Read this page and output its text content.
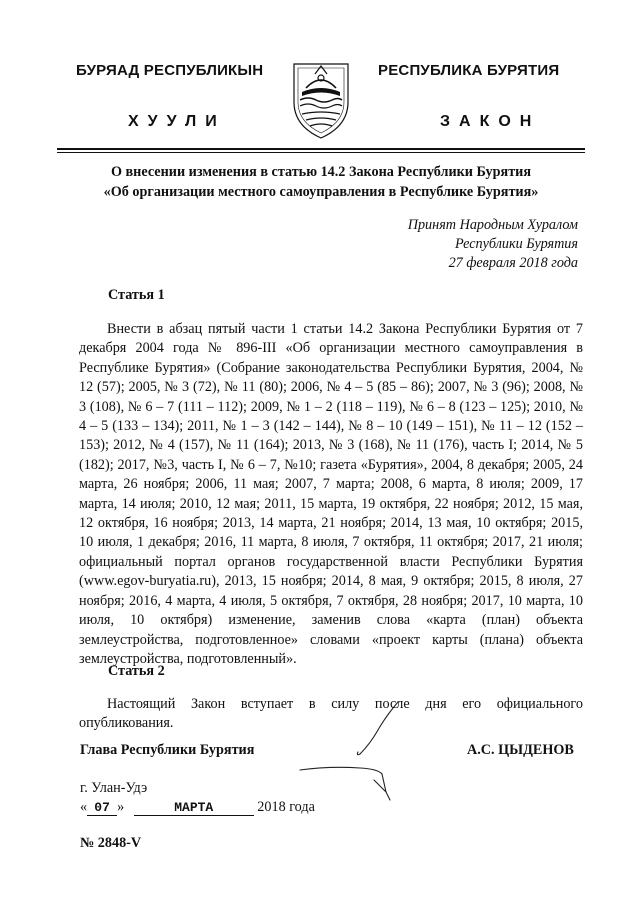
БУРЯАД РЕСПУБЛИКЫН	РЕСПУБЛИКА БУРЯТИЯ
ХУУЛИ	ЗАКОН
О внесении изменения в статью 14.2 Закона Республики Бурятия
«Об организации местного самоуправления в Республике Бурятия»
Принят Народным Хуралом
Республики Бурятия
27 февраля 2018 года
Статья 1
Внести в абзац пятый части 1 статьи 14.2 Закона Республики Бурятия от 7 декабря 2004 года № 896-III «Об организации местного самоуправления в Республике Бурятия» (Собрание законодательства Республики Бурятия, 2004, № 12 (57); 2005, № 3 (72), № 11 (80); 2006, № 4 – 5 (85 – 86); 2007, № 3 (96); 2008, № 3 (108), № 6 – 7 (111 – 112); 2009, № 1 – 2 (118 – 119), № 6 – 8 (123 – 125); 2010, № 4 – 5 (133 – 134); 2011, № 1 – 3 (142 – 144), № 8 – 10 (149 – 151), № 11 – 12 (152 – 153); 2012, № 4 (157), № 11 (164); 2013, № 3 (168), № 11 (176), часть I; 2014, № 5 (182); 2017, №3, часть I, № 6 – 7, №10; газета «Бурятия», 2004, 8 декабря; 2005, 24 марта, 26 ноября; 2006, 11 мая; 2007, 7 марта; 2008, 6 марта, 8 июля; 2009, 17 марта, 14 июля; 2010, 12 мая; 2011, 15 марта, 19 октября, 22 ноября; 2012, 15 мая, 12 октября, 16 ноября; 2013, 14 марта, 21 ноября; 2014, 13 мая, 10 октября; 2015, 10 июля, 1 декабря; 2016, 11 марта, 8 июля, 7 октября, 11 октября; 2017, 21 июля; официальный портал органов государственной власти Республики Бурятия (www.egov-buryatia.ru), 2013, 15 ноября; 2014, 8 мая, 9 октября; 2015, 8 июля, 27 ноября; 2016, 4 марта, 4 июля, 5 октября, 7 октября, 28 ноября; 2017, 10 марта, 10 июля, 10 октября) изменение, заменив слова «карта (план) объекта землеустройства, подготовленное» словами «проект карты (плана) объекта землеустройства, подготовленный».
Статья 2
Настоящий Закон вступает в силу после дня его официального опубликования.
Глава Республики Бурятия	А.С. ЦЫДЕНОВ
г. Улан-Удэ
« 07 »	МАРТА	2018 года
№ 2848-V
